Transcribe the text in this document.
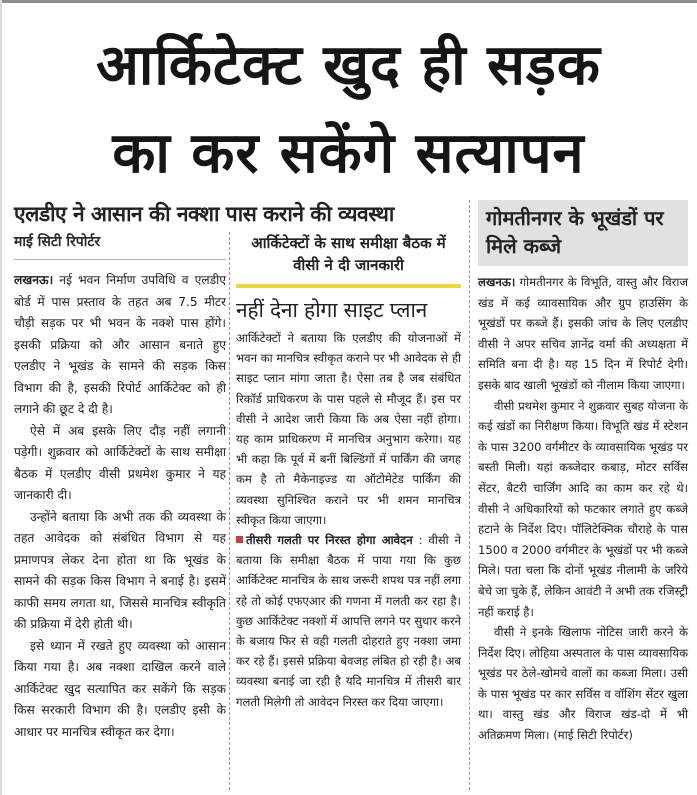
आर्किटेक्ट खुद ही सड़क
का कर सकेंगे सत्यापन
एलडीए ने आसान की नक्शा पास कराने की व्यवस्था
माई सिटी रिपोर्टर

लखनऊ। नई भवन निर्माण उपविधि व एलडीए बोर्ड में पास प्रस्ताव के तहत अब 7.5 मीटर चौड़ी सड़क पर भी भवन के नक्शे पास होंगे। इसकी प्रक्रिया को और आसान बनाते हुए एलडीए ने भूखंड के सामने की सड़क किस विभाग की है, इसकी रिपोर्ट आर्किटेक्ट को ही लगाने की छूट दे दी है।

ऐसे में अब इसके लिए दौड़ नहीं लगानी पड़ेगी। शुक्रवार को आर्किटेक्टों के साथ समीक्षा बैठक में एलडीए वीसी प्रथमेश कुमार ने यह जानकारी दी।

उन्होंने बताया कि अभी तक की व्यवस्था के तहत आवेदक को संबंधित विभाग से यह प्रमाणपत्र लेकर देना होता था कि भूखंड के सामने की सड़क किस विभाग ने बनाई है। इसमें काफी समय लगता था, जिससे मानचित्र स्वीकृति की प्रक्रिया में देरी होती थी।

इसे ध्यान में रखते हुए व्यवस्था को आसान किया गया है। अब नक्शा दाखिल करने वाले आर्किटेक्ट खुद सत्यापित कर सकेंगे कि सड़क किस सरकारी विभाग की है। एलडीए इसी के आधार पर मानचित्र स्वीकृत कर देगा।

आर्किटेक्टों के साथ समीक्षा बैठक में वीसी ने दी जानकारी
नहीं देना होगा साइट प्लान

आर्किटेक्टों ने बताया कि एलडीए की योजनाओं में भवन का मानचित्र स्वीकृत कराने पर भी आवेदक से ही साइट प्लान मांगा जाता है। ऐसा तब है जब संबंधित रिकॉर्ड प्राधिकरण के पास पहले से मौजूद हैं। इस पर वीसी ने आदेश जारी किया कि अब ऐसा नहीं होगा। यह काम प्राधिकरण में मानचित्र अनुभाग करेगा। यह भी कहा कि पूर्व में बनीं बिल्डिंगों में पार्किंग की जगह कम है तो मैकेनाइज्ड या ऑटोमेटेड पार्किंग की व्यवस्था सुनिश्चित कराने पर भी शमन मानचित्र स्वीकृत किया जाएगा।

तीसरी गलती पर निरस्त होगा आवेदन : वीसी ने बताया कि समीक्षा बैठक में पाया गया कि कुछ आर्किटेक्ट मानचित्र के साथ जरूरी शपथ पत्र नहीं लगा रहे तो कोई एफएआर की गणना में गलती कर रहा है। कुछ आर्किटेक्ट नक्शों में आपत्ति लगने पर सुधार करने के बजाय फिर से वही गलती दोहराते हुए नक्शा जमा कर रहे हैं। इससे प्रक्रिया बेवजह लंबित हो रही है। अब व्यवस्था बनाई जा रही है यदि मानचित्र में तीसरी बार गलती मिलेगी तो आवेदन निरस्त कर दिया जाएगा।

गोमतीनगर के भूखंडों पर मिले कब्जे

लखनऊ। गोमतीनगर के विभूति, वास्तु और विराज खंड में कई व्यावसायिक और ग्रुप हाउसिंग के भूखंडों पर कब्जे हैं। इसकी जांच के लिए एलडीए वीसी ने अपर सचिव ज्ञानेंद्र वर्मा की अध्यक्षता में समिति बना दी है। यह 15 दिन में रिपोर्ट देगी। इसके बाद खाली भूखंडों को नीलाम किया जाएगा।

वीसी प्रथमेश कुमार ने शुक्रवार सुबह योजना के कई खंडों का निरीक्षण किया। विभूति खंड में स्टेशन के पास 3200 वर्गमीटर के व्यावसायिक भूखंड पर बस्ती मिली। यहां कब्जेदार कबाड़, मोटर सर्विस सेंटर, बैटरी चार्जिंग आदि का काम कर रहे थे। वीसी ने अधिकारियों को फटकार लगाते हुए कब्जे हटाने के निर्देश दिए। पॉलिटेक्निक चौराहे के पास 1500 व 2000 वर्गमीटर के भूखंडों पर भी कब्जे मिले। पता चला कि दोनों भूखंड नीलामी के जरिये बेचे जा चुके हैं, लेकिन आवंटी ने अभी तक रजिस्ट्री नहीं कराई है।

वीसी ने इनके खिलाफ नोटिस जारी करने के निर्देश दिए। लोहिया अस्पताल के पास व्यावसायिक भूखंड पर ठेले-खोमचे वालों का कब्जा मिला। उसी के पास भूखंड पर कार सर्विस व वॉशिंग सेंटर खुला था। वास्तु खंड और विराज खंड-दो में भी अतिक्रमण मिला। (माई सिटी रिपोर्टर)
